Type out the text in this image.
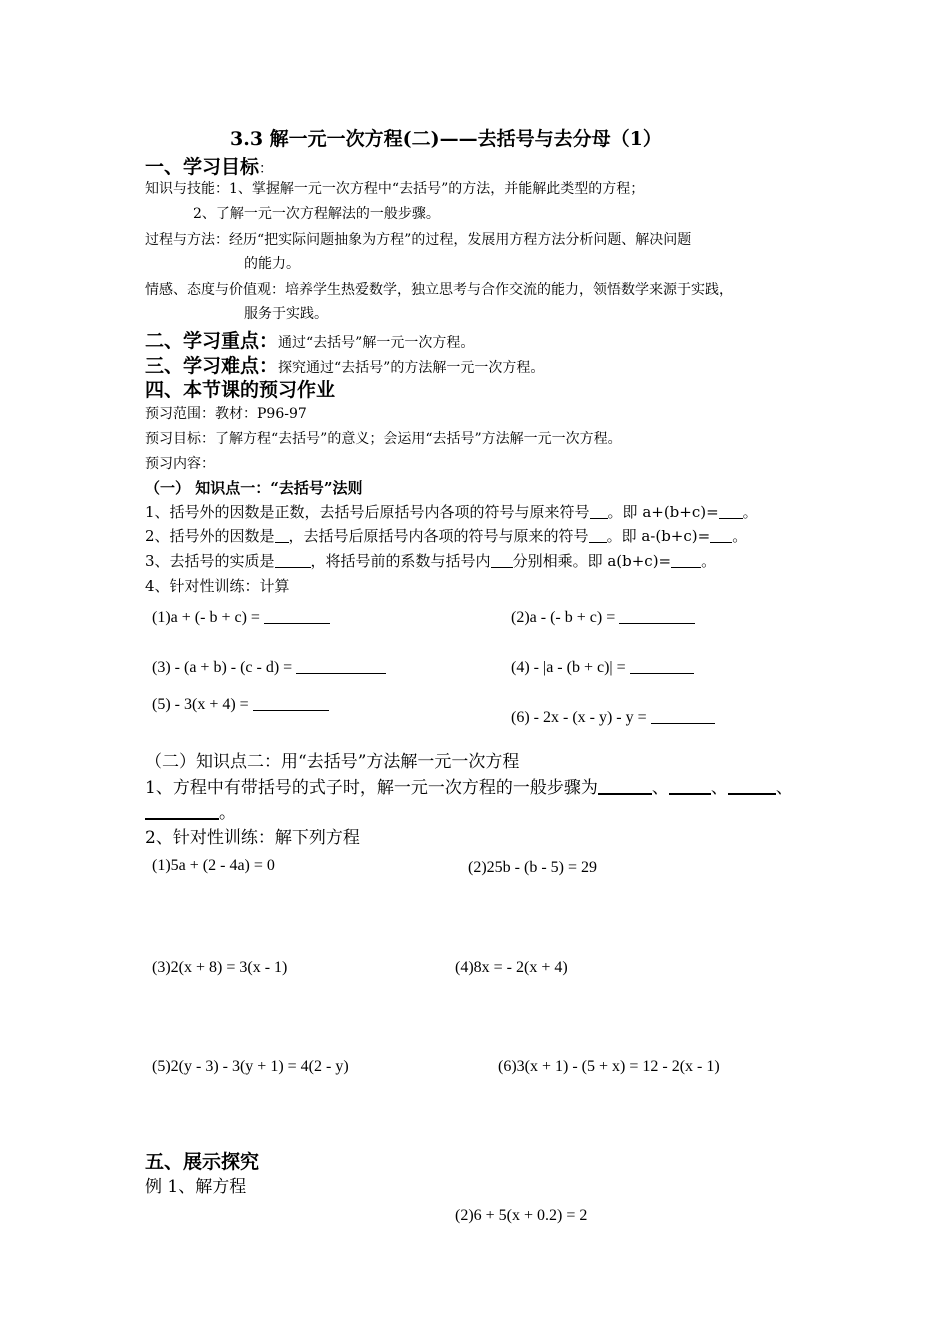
3.3 解一元一次方程(二)——去括号与去分母（1）
一、学习目标：
知识与技能：1、掌握解一元一次方程中“去括号”的方法，并能解此类型的方程；
2、了解一元一次方程解法的一般步骤。
过程与方法：经历“把实际问题抽象为方程”的过程，发展用方程方法分析问题、解决问题
的能力。
情感、态度与价值观：培养学生热爱数学，独立思考与合作交流的能力，领悟数学来源于实践，
服务于实践。
二、学习重点：通过“去括号”解一元一次方程。
三、学习难点：探究通过“去括号”的方法解一元一次方程。
四、本节课的预习作业
预习范围：教材：P96-97
预习目标：了解方程“去括号”的意义；会运用“去括号”方法解一元一次方程。
预习内容：
（一） 知识点一：“去括号”法则
1、括号外的因数是正数，去括号后原括号内各项的符号与原来符号 。即 a+(b+c)= 。
2、括号外的因数是 ，去括号后原括号内各项的符号与原来的符号 。即 a-(b+c)= 。
3、去括号的实质是 ，将括号前的系数与括号内 分别相乘。即 a(b+c)= 。
4、针对性训练：计算
(1)a + (- b + c) =	(2)a - (- b + c) =
(3) - (a + b) - (c - d) =	(4) - |a - (b + c)| =
(5) - 3(x + 4) =
(6) - 2x - (x - y) - y =
（二）知识点二：用“去括号”方法解一元一次方程
1、方程中有带括号的式子时，解一元一次方程的一般步骤为	、 、	、
。
2、针对性训练：解下列方程
(1)5a + (2 - 4a) = 0	(2)25b - (b - 5) = 29
(3)2(x + 8) = 3(x - 1)	(4)8x = - 2(x + 4)
(5)2(y - 3) - 3(y + 1) = 4(2 - y)	(6)3(x + 1) - (5 + x) = 12 - 2(x - 1)
五、展示探究
例 1、解方程
(2)6 + 5(x + 0.2) = 2
